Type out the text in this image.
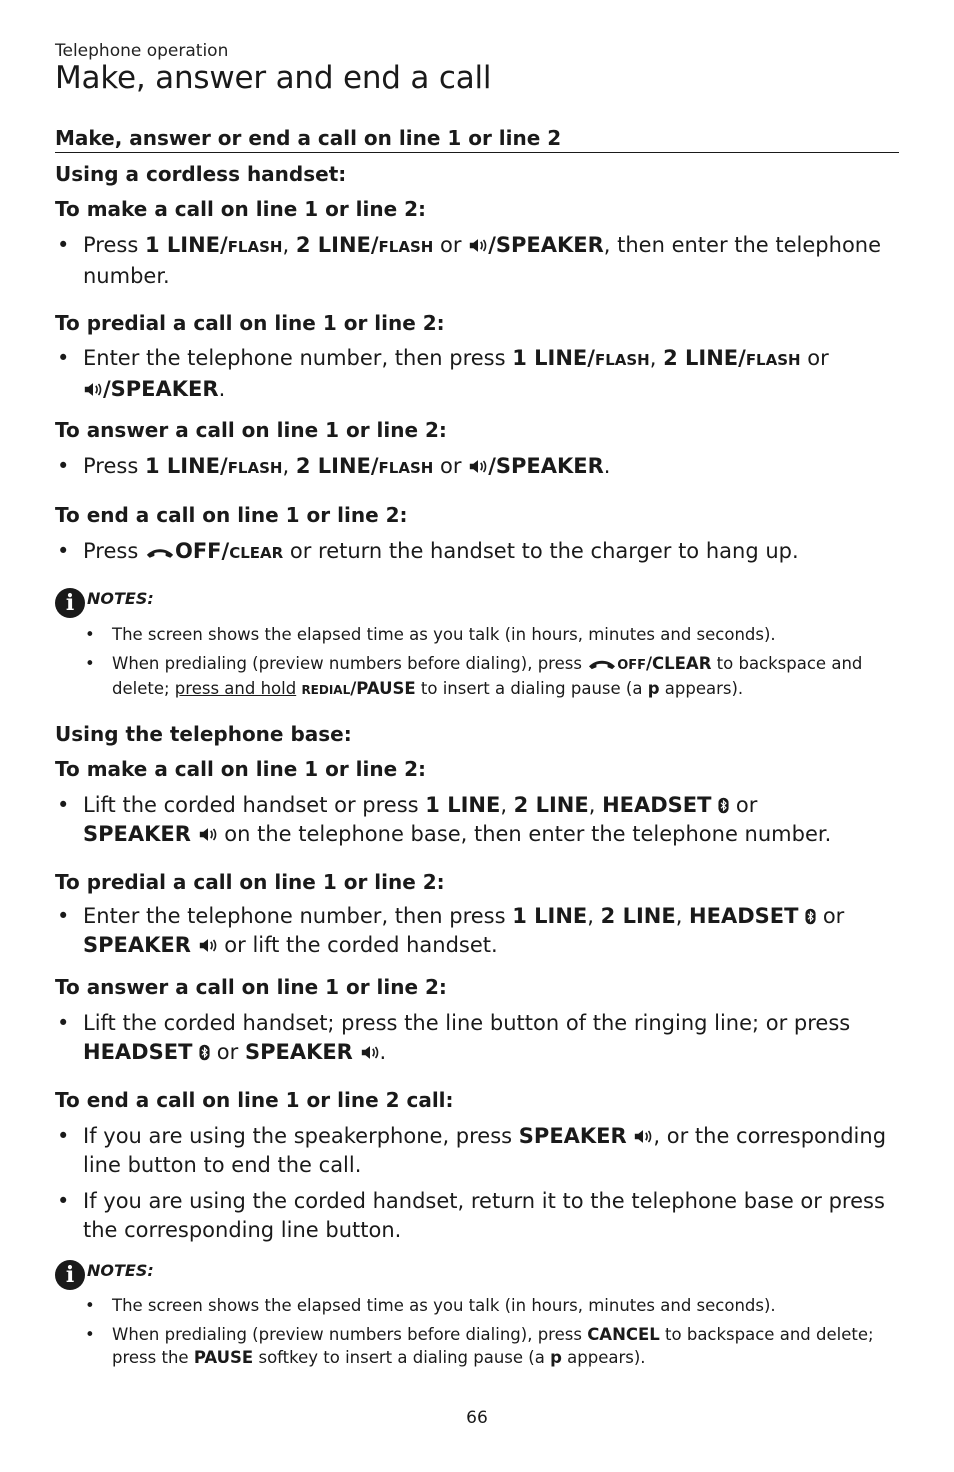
Telephone operation
Make, answer and end a call
Make, answer or end a call on line 1 or line 2
Using a cordless handset:
To make a call on line 1 or line 2:
• Press 1 LINE/FLASH, 2 LINE/FLASH or /SPEAKER, then enter the telephone number.
To predial a call on line 1 or line 2:
• Enter the telephone number, then press 1 LINE/FLASH, 2 LINE/FLASH or
/SPEAKER.
To answer a call on line 1 or line 2:
• Press 1 LINE/FLASH, 2 LINE/FLASH or /SPEAKER.
To end a call on line 1 or line 2:
• Press OFF/CLEAR or return the handset to the charger to hang up.
i NOTES:
• The screen shows the elapsed time as you talk (in hours, minutes and seconds).
• When predialing (preview numbers before dialing), press	OFF/CLEAR to backspace and delete; press and hold REDIAL/PAUSE to insert a dialing pause (a p appears).
Using the telephone base:
To make a call on line 1 or line 2:
• Lift the corded handset or press 1 LINE, 2 LINE, HEADSET or
SPEAKER on the telephone base, then enter the telephone number.
To predial a call on line 1 or line 2:
• Enter the telephone number, then press 1 LINE, 2 LINE, HEADSET or
SPEAKER or lift the corded handset.
To answer a call on line 1 or line 2:
• Lift the corded handset; press the line button of the ringing line; or press
HEADSET or SPEAKER .
To end a call on line 1 or line 2 call:
• If you are using the speakerphone, press SPEAKER , or the corresponding line button to end the call.
• If you are using the corded handset, return it to the telephone base or press the corresponding line button.
i NOTES:
• The screen shows the elapsed time as you talk (in hours, minutes and seconds).
• When predialing (preview numbers before dialing), press CANCEL to backspace and delete; press the PAUSE softkey to insert a dialing pause (a p appears).
66
